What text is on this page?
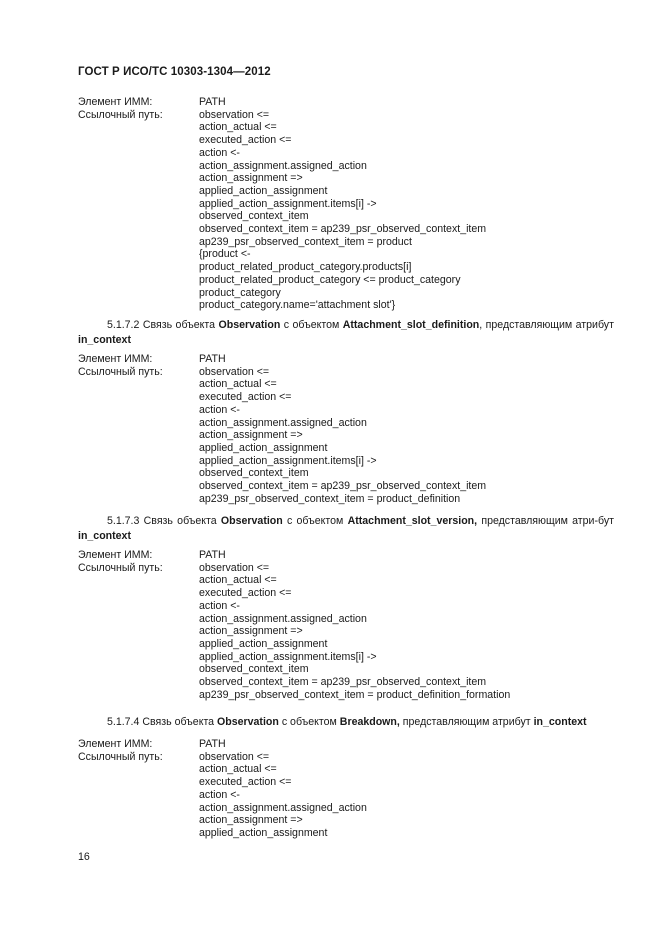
ГОСТ Р ИСО/ТС 10303-1304—2012
Элемент ИММ:	PATH
Ссылочный путь:	observation <=
action_actual <=
executed_action <=
action <-
action_assignment.assigned_action
action_assignment =>
applied_action_assignment
applied_action_assignment.items[i] ->
observed_context_item
observed_context_item = ap239_psr_observed_context_item
ap239_psr_observed_context_item = product
{product <-
product_related_product_category.products[i]
product_related_product_category <= product_category
product_category
product_category.name='attachment slot'}
5.1.7.2 Связь объекта Observation с объектом Attachment_slot_definition, представляющим атрибут in_context
Элемент ИММ:	PATH
Ссылочный путь:	observation <=
action_actual <=
executed_action <=
action <-
action_assignment.assigned_action
action_assignment =>
applied_action_assignment
applied_action_assignment.items[i] ->
observed_context_item
observed_context_item = ap239_psr_observed_context_item
ap239_psr_observed_context_item = product_definition
5.1.7.3 Связь объекта Observation с объектом Attachment_slot_version, представляющим атри-бут in_context
Элемент ИММ:	PATH
Ссылочный путь:	observation <=
action_actual <=
executed_action <=
action <-
action_assignment.assigned_action
action_assignment =>
applied_action_assignment
applied_action_assignment.items[i] ->
observed_context_item
observed_context_item = ap239_psr_observed_context_item
ap239_psr_observed_context_item = product_definition_formation
5.1.7.4 Связь объекта Observation с объектом Breakdown, представляющим атрибут in_context
Элемент ИММ:	PATH
Ссылочный путь:	observation <=
action_actual <=
executed_action <=
action <-
action_assignment.assigned_action
action_assignment =>
applied_action_assignment
16
